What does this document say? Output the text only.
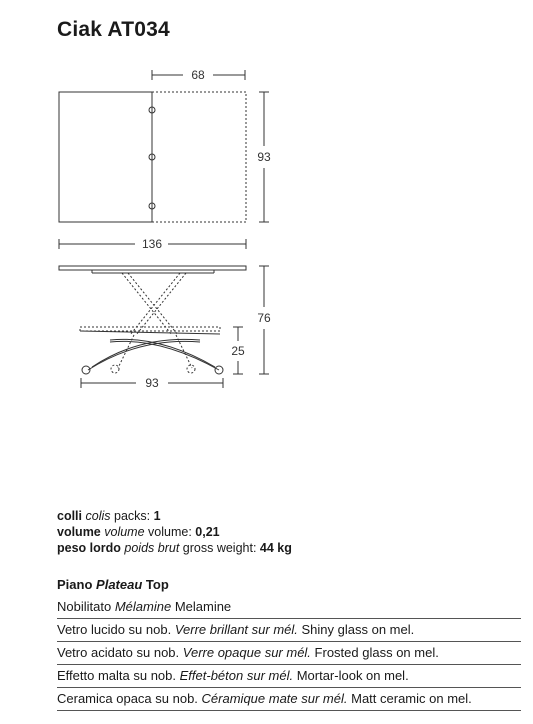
Ciak AT034
68
93
136
76
25
93
colli colis packs: 1
volume volume volume: 0,21
peso lordo poids brut gross weight: 44 kg
Piano Plateau Top
Nobilitato Mélamine Melamine
Vetro lucido su nob. Verre brillant sur mél. Shiny glass on mel.
Vetro acidato su nob. Verre opaque sur mél. Frosted glass on mel.
Effetto malta su nob. Effet-béton sur mél. Mortar-look on mel.
Ceramica opaca su nob. Céramique mate sur mél. Matt ceramic on mel.
